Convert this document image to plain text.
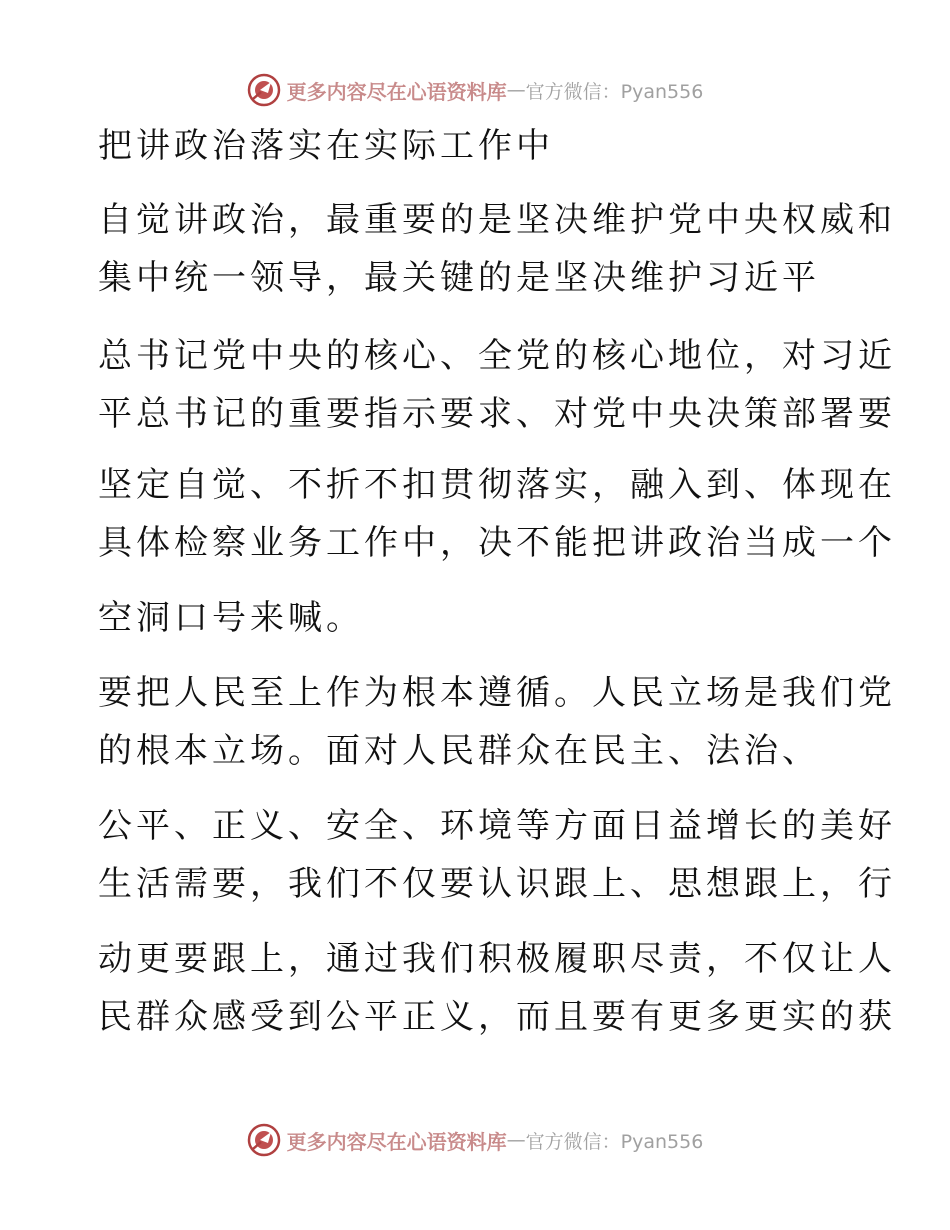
更多内容尽在心语资料库 — 官方微信：Pyan556
把讲政治落实在实际工作中
自觉讲政治，最重要的是坚决维护党中央权威和
集中统一领导，最关键的是坚决维护习近平
总书记党中央的核心、全党的核心地位，对习近
平总书记的重要指示要求、对党中央决策部署要
坚定自觉、不折不扣贯彻落实，融入到、体现在
具体检察业务工作中，决不能把讲政治当成一个
空洞口号来喊。
要把人民至上作为根本遵循。人民立场是我们党
的根本立场。面对人民群众在民主、法治、
公平、正义、安全、环境等方面日益增长的美好
生活需要，我们不仅要认识跟上、思想跟上，行
动更要跟上，通过我们积极履职尽责，不仅让人
民群众感受到公平正义，而且要有更多更实的获
更多内容尽在心语资料库 — 官方微信：Pyan556
